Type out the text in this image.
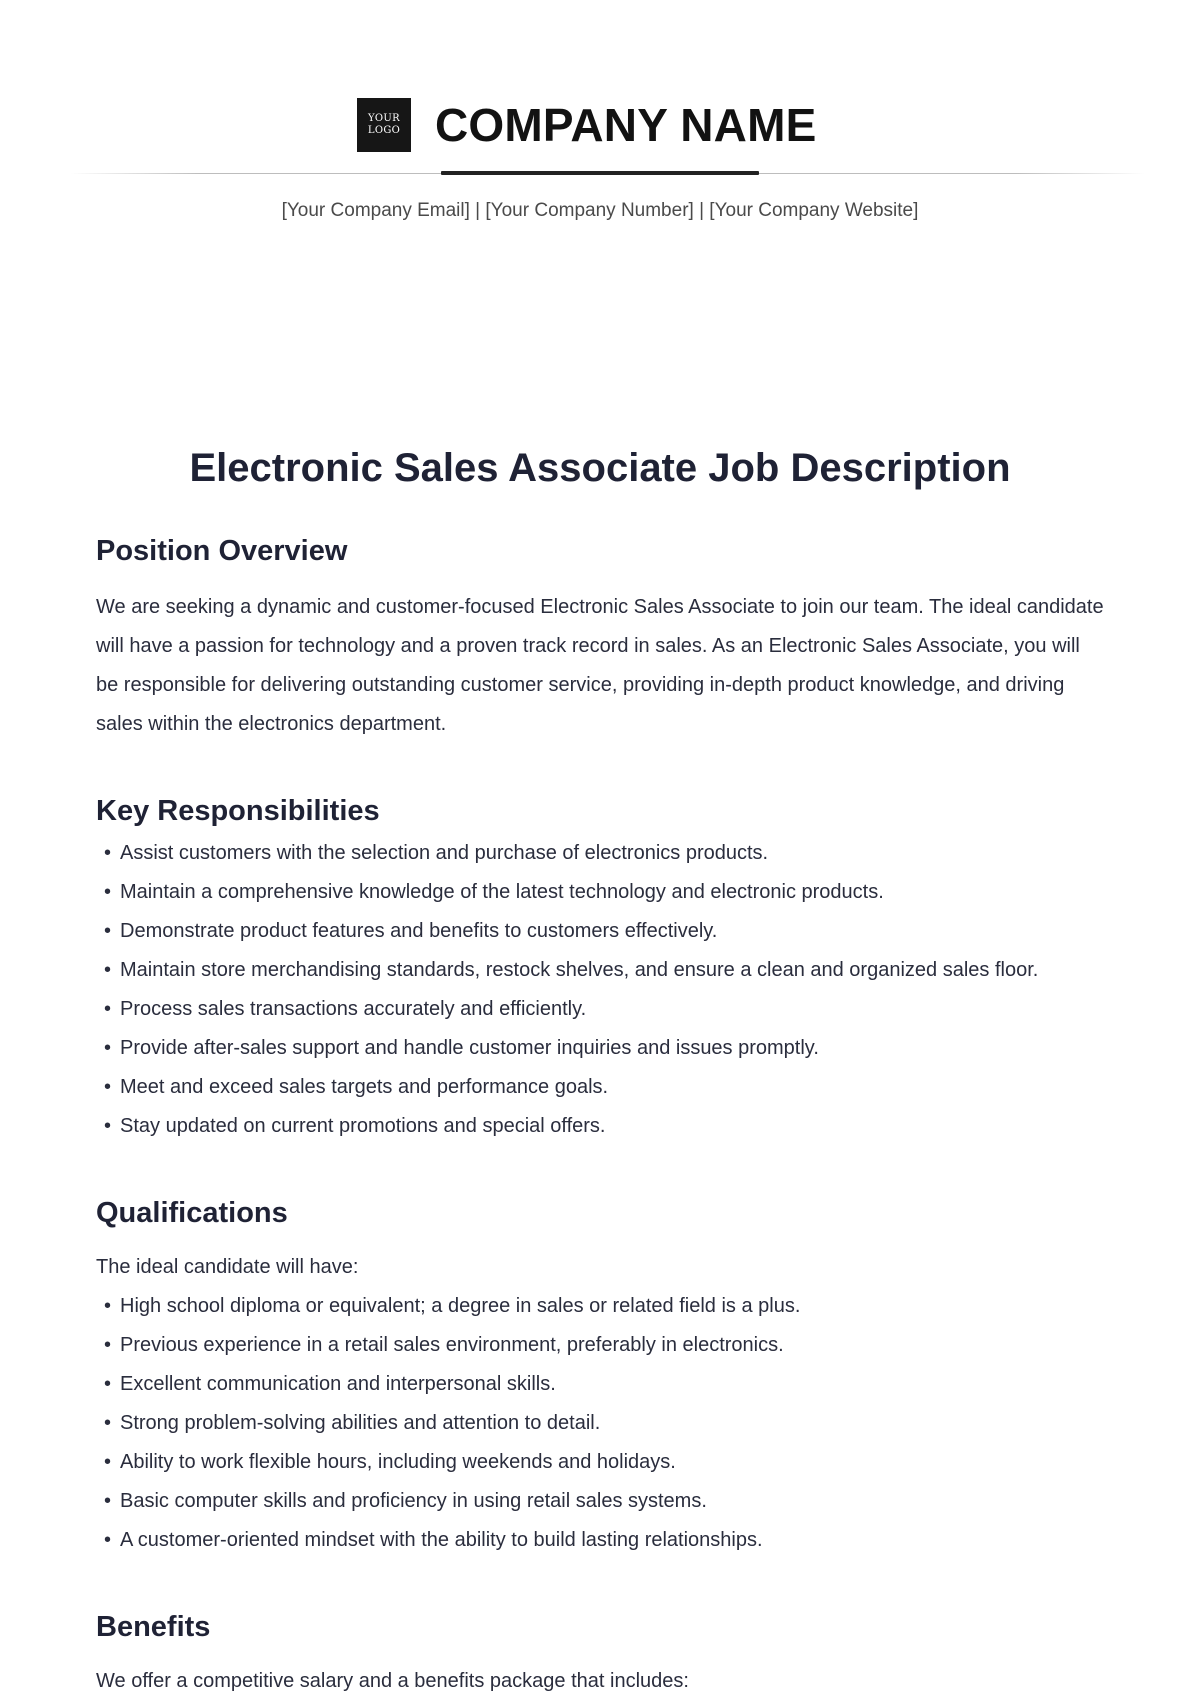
YOUR
LOGO COMPANY NAME
[Your Company Email] | [Your Company Number] | [Your Company Website]
Electronic Sales Associate Job Description
Position Overview

We are seeking a dynamic and customer-focused Electronic Sales Associate to join our team. The ideal candidate will have a passion for technology and a proven track record in sales. As an Electronic Sales Associate, you will be responsible for delivering outstanding customer service, providing in-depth product knowledge, and driving sales within the electronics department.

Key Responsibilities
• Assist customers with the selection and purchase of electronics products.
• Maintain a comprehensive knowledge of the latest technology and electronic products.
• Demonstrate product features and benefits to customers effectively.
• Maintain store merchandising standards, restock shelves, and ensure a clean and organized sales floor.
• Process sales transactions accurately and efficiently.
• Provide after-sales support and handle customer inquiries and issues promptly.
• Meet and exceed sales targets and performance goals.
• Stay updated on current promotions and special offers.
Qualifications

The ideal candidate will have:

• High school diploma or equivalent; a degree in sales or related field is a plus.
• Previous experience in a retail sales environment, preferably in electronics.
• Excellent communication and interpersonal skills.
• Strong problem-solving abilities and attention to detail.
• Ability to work flexible hours, including weekends and holidays.
• Basic computer skills and proficiency in using retail sales systems.
• A customer-oriented mindset with the ability to build lasting relationships.
Benefits

We offer a competitive salary and a benefits package that includes:
